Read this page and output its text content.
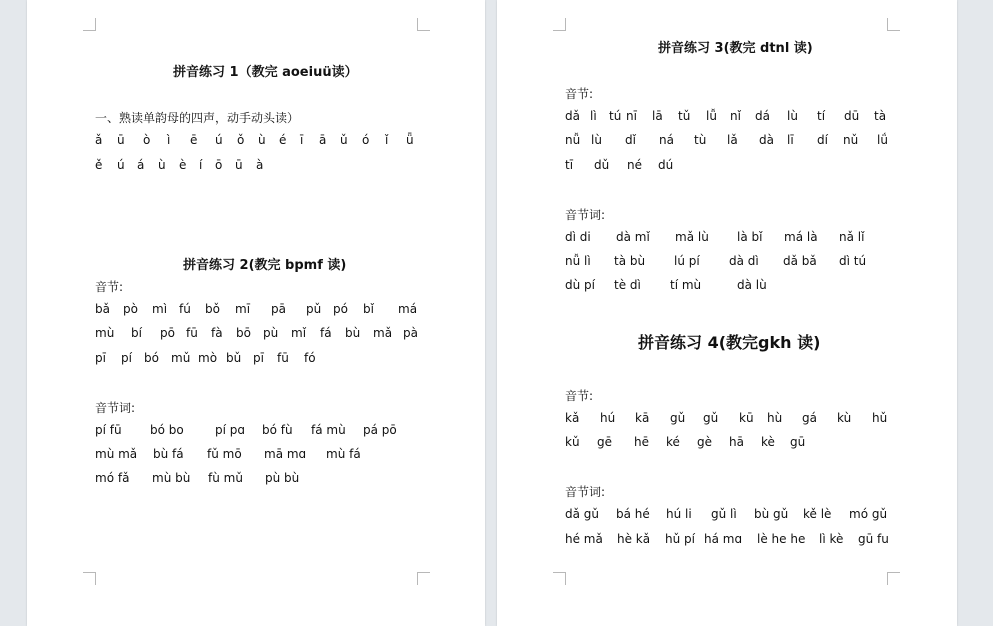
拼音练习 1（教完 aoeiuü读）
一、熟读单韵母的四声，动手动头读）
ǎ ū ò ì ē ú ǒ ù é ī ā ǔ ó ǐ ǖ
ě ú á ù è í ō ū à
拼音练习 2(教完 bpmf 读)
音节:
bǎ pò mì fú bǒ mī pā pǔ pó bǐ má
mù bí pō fū fà bō pù mǐ fá bù mǎ pà
pī pí bó mǔ mò bǔ pī fū fó
音节词:
pí fū bó bo	pí pɑ bó fù fá mù pá pō
mù mǎ bù fá fǔ mō mā mɑ mù fá
mó fǎ mù bù fù mǔ pù bù
拼音练习 3(教完 dtnl 读)
音节:
dǎ lì tú nī lā tǔ lǚ nǐ dá lù tí dū tà
nǚ lù dǐ ná tù lǎ dà lī dí nǔ lǘ
tī dǔ né dú
音节词:
dì di dà mǐ mǎ lù là bǐ má là nǎ lǐ
nǚ lì tà bù lú pí dà dì dǎ bǎ dì tú
dù pí tè dì tí mù	dà lù
拼音练习 4(教完gkh 读)
音节:
kǎ hú kā gǔ gǔ kū hù gá kù hǔ
kǔ gē hē ké gè hā kè gū
音节词:
dǎ gǔ bá hé hú li gǔ lì bù gǔ kě lè mó gǔ
hé mǎ hè kǎ hǔ pí há mɑ lè he he lì kè gū fu
